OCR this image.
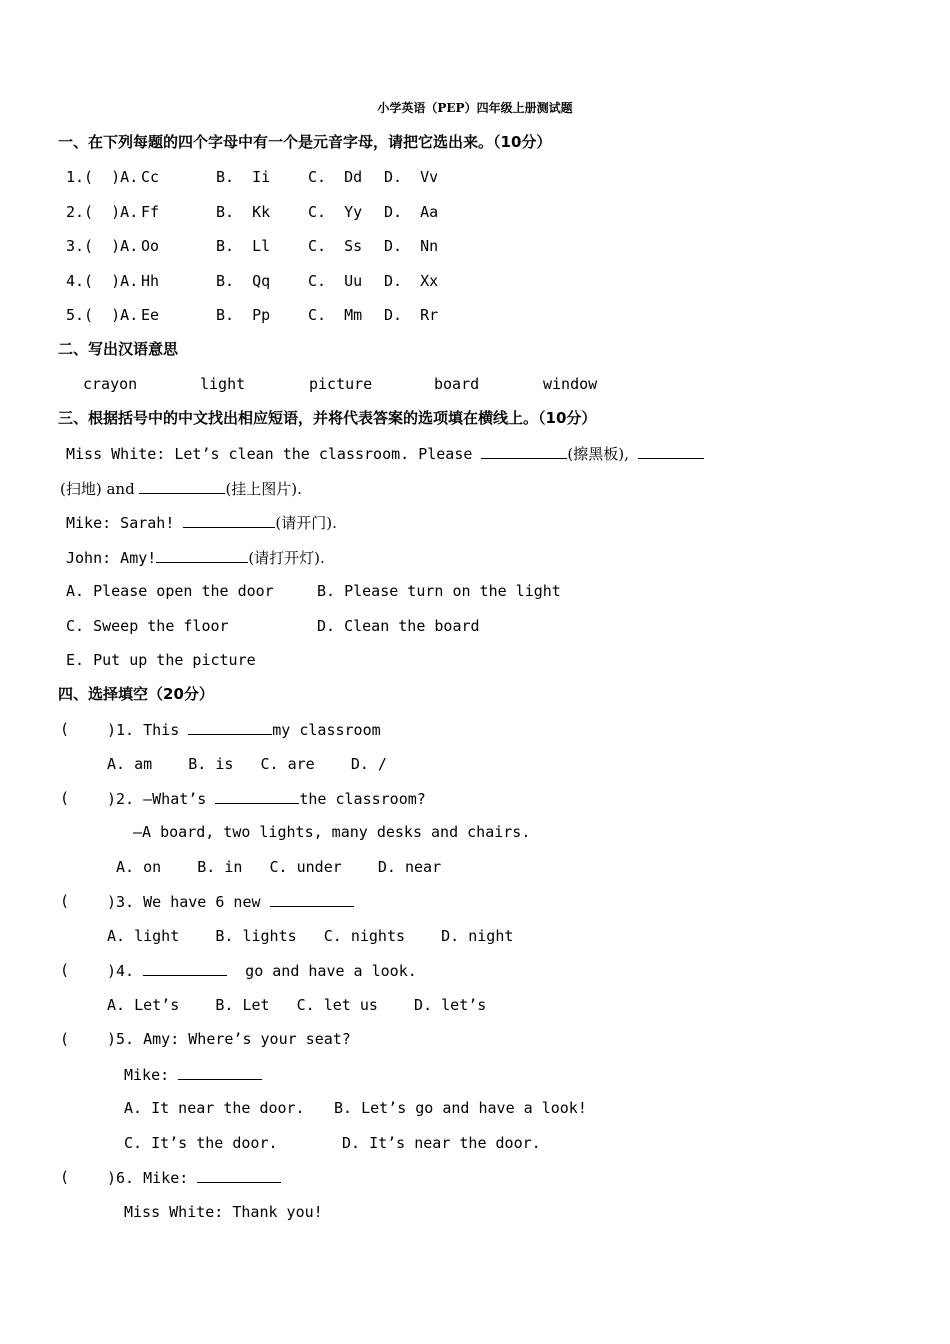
小学英语（PEP）四年级上册测试题
一、在下列每题的四个字母中有一个是元音字母，请把它选出来。（10分）
1.(  )A. Cc	B.  Ii	C.  Dd D.  Vv
2.(  )A. Ff	B.  Kk	C.  Yy D.  Aa
3.(  )A. Oo	B.  Ll	C.  Ss D.  Nn
4.(  )A. Hh	B.  Qq	C.  Uu D.  Xx
5.(  )A. Ee	B.  Pp	C.  Mm D.  Rr
二、写出汉语意思
crayon	light	picture	board	window
三、根据括号中的中文找出相应短语，并将代表答案的选项填在横线上。（10分）
Miss White: Let’s clean the classroom. Please	(擦黑板),
(扫地) and	(挂上图片).
Mike: Sarah!	(请开门).
John: Amy!	(请打开灯).
A. Please open the door	B. Please turn on the light
C. Sweep the floor	D. Clean the board
E. Put up the picture
四、选择填空（20分）
(	)1. This	my classroom
A. am    B. is   C. are    D. /
(	)2. —What’s	the classroom?
—A board, two lights, many desks and chairs.
A. on    B. in   C. under    D. near
(	)3. We have 6 new
A. light    B. lights   C. nights    D. night
(	)4.	go and have a look.
A. Let’s    B. Let   C. let us    D. let’s
(	)5. Amy: Where’s your seat?
Mike:
A. It near the door. B. Let’s go and have a look!
C. It’s the door.	D. It’s near the door.
(	)6. Mike:
Miss White: Thank you!
